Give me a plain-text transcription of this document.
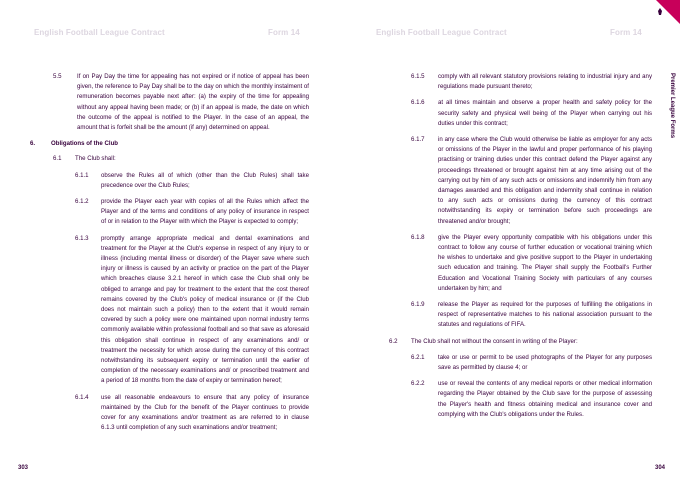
English Football League Contract	Form 14	English Football League Contract	Form 14
Premier League Forms
5.5	If on Pay Day the time for appealing has not expired or if notice of appeal has been given, the reference to Pay Day shall be to the day on which the monthly instalment of remuneration becomes payable next after: (a) the expiry of the time for appealing without any appeal having been made; or (b) if an appeal is made, the date on which the outcome of the appeal is notified to the Player. In the case of an appeal, the amount that is forfeit shall be the amount (if any) determined on appeal.
6.	Obligations of the Club
6.1 The Club shall:
6.1.1 observe the Rules all of which (other than the Club Rules) shall take precedence over the Club Rules;
6.1.2 provide the Player each year with copies of all the Rules which affect the Player and of the terms and conditions of any policy of insurance in respect of or in relation to the Player with which the Player is expected to comply;
6.1.3 promptly arrange appropriate medical and dental examinations and treatment for the Player at the Club's expense in respect of any injury to or illness (including mental illness or disorder) of the Player save where such injury or illness is caused by an activity or practice on the part of the Player which breaches clause 3.2.1 hereof in which case the Club shall only be obliged to arrange and pay for treatment to the extent that the cost thereof remains covered by the Club's policy of medical insurance or (if the Club does not maintain such a policy) then to the extent that it would remain covered by such a policy were one maintained upon normal industry terms commonly available within professional football and so that save as aforesaid this obligation shall continue in respect of any examinations and/ or treatment the necessity for which arose during the currency of this contract notwithstanding its subsequent expiry or termination until the earlier of completion of the necessary examinations and/ or prescribed treatment and a period of 18 months from the date of expiry or termination hereof;
6.1.4 use all reasonable endeavours to ensure that any policy of insurance maintained by the Club for the benefit of the Player continues to provide cover for any examinations and/or treatment as are referred to in clause 6.1.3 until completion of any such examinations and/or treatment;
6.1.5 comply with all relevant statutory provisions relating to industrial injury and any regulations made pursuant thereto;
6.1.6 at all times maintain and observe a proper health and safety policy for the security safety and physical well being of the Player when carrying out his duties under this contract;
6.1.7 in any case where the Club would otherwise be liable as employer for any acts or omissions of the Player in the lawful and proper performance of his playing practising or training duties under this contract defend the Player against any proceedings threatened or brought against him at any time arising out of the carrying out by him of any such acts or omissions and indemnify him from any damages awarded and this obligation and indemnity shall continue in relation to any such acts or omissions during the currency of this contract notwithstanding its expiry or termination before such proceedings are threatened and/or brought;
6.1.8 give the Player every opportunity compatible with his obligations under this contract to follow any course of further education or vocational training which he wishes to undertake and give positive support to the Player in undertaking such education and training. The Player shall supply the Football's Further Education and Vocational Training Society with particulars of any courses undertaken by him; and
6.1.9 release the Player as required for the purposes of fulfilling the obligations in respect of representative matches to his national association pursuant to the statutes and regulations of FIFA.
6.2 The Club shall not without the consent in writing of the Player:
6.2.1 take or use or permit to be used photographs of the Player for any purposes save as permitted by clause 4; or
6.2.2 use or reveal the contents of any medical reports or other medical information regarding the Player obtained by the Club save for the purpose of assessing the Player's health and fitness obtaining medical and insurance cover and complying with the Club's obligations under the Rules.
303	304
